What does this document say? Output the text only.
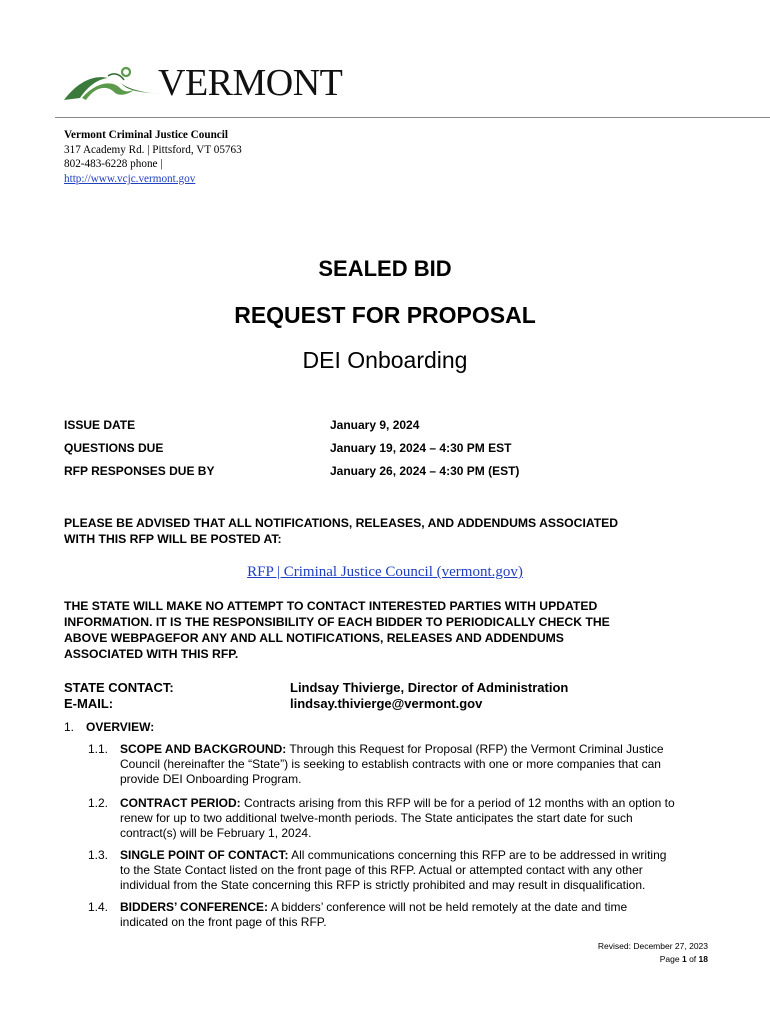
VERMONT
Vermont Criminal Justice Council
317 Academy Rd. | Pittsford, VT 05763
802-483-6228 phone |
http://www.vcjc.vermont.gov
SEALED BID
REQUEST FOR PROPOSAL
DEI Onboarding
ISSUE DATE	January 9, 2024
QUESTIONS DUE	January 19, 2024 – 4:30 PM EST
RFP RESPONSES DUE BY	January 26, 2024 – 4:30 PM (EST)
PLEASE BE ADVISED THAT ALL NOTIFICATIONS, RELEASES, AND ADDENDUMS ASSOCIATED
WITH THIS RFP WILL BE POSTED AT:
RFP | Criminal Justice Council (vermont.gov)
THE STATE WILL MAKE NO ATTEMPT TO CONTACT INTERESTED PARTIES WITH UPDATED
INFORMATION. IT IS THE RESPONSIBILITY OF EACH BIDDER TO PERIODICALLY CHECK THE
ABOVE WEBPAGEFOR ANY AND ALL NOTIFICATIONS, RELEASES AND ADDENDUMS
ASSOCIATED WITH THIS RFP.
STATE CONTACT:	Lindsay Thivierge, Director of Administration
E-MAIL:	lindsay.thivierge@vermont.gov
1. OVERVIEW:
1.1. SCOPE AND BACKGROUND: Through this Request for Proposal (RFP) the Vermont Criminal Justice
Council (hereinafter the “State”) is seeking to establish contracts with one or more companies that can
provide DEI Onboarding Program.
1.2. CONTRACT PERIOD: Contracts arising from this RFP will be for a period of 12 months with an option to
renew for up to two additional twelve-month periods. The State anticipates the start date for such
contract(s) will be February 1, 2024.
1.3. SINGLE POINT OF CONTACT: All communications concerning this RFP are to be addressed in writing
to the State Contact listed on the front page of this RFP. Actual or attempted contact with any other
individual from the State concerning this RFP is strictly prohibited and may result in disqualification.
1.4. BIDDERS’ CONFERENCE: A bidders’ conference will not be held remotely at the date and time
indicated on the front page of this RFP.
Revised: December 27, 2023
Page 1 of 18
